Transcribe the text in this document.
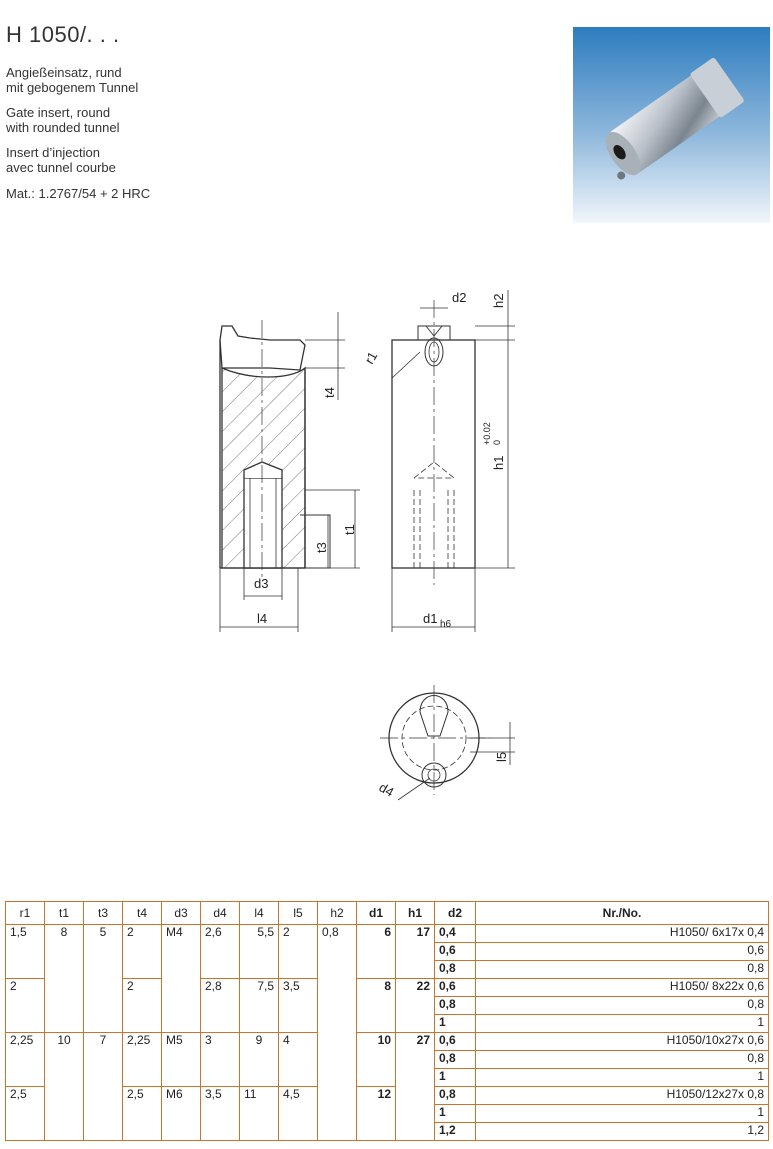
H 1050/. . .
Angießeinsatz, rund
mit gebogenem Tunnel
Gate insert, round
with rounded tunnel
Insert d’injection
avec tunnel courbe
Mat.: 1.2767/54 + 2 HRC
t4
t3
t1
d3
l4
d2 h2
r1
h1
+0.02 0
d1 h6
l5
d4
r1	t1	t3	t4	d3	d4	l4	l5	h2	d1	h1	d2	Nr./No.
1,5	8	5	2	M4	2,6	5,5	2	0,8	6	17	0,4	H1050/ 6x17x 0,4
											0,6	0,6
											0,8	0,8
2			2		2,8	7,5	3,5		8	22	0,6	H1050/ 8x22x 0,6
											0,8	0,8
											1	1
2,25	10	7	2,25	M5	3	9	4		10	27	0,6	H1050/10x27x 0,6
											0,8	0,8
											1	1
2,5			2,5	M6	3,5	11	4,5		12		0,8	H1050/12x27x 0,8
											1	1
											1,2	1,2
